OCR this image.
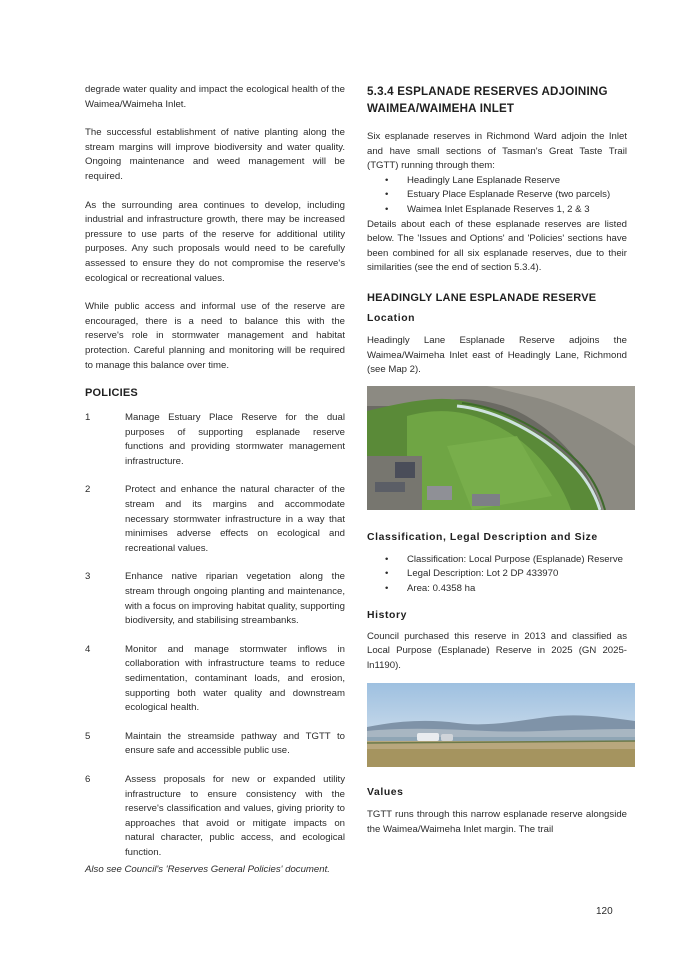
degrade water quality and impact the ecological health of the Waimea/Waimeha Inlet.

The successful establishment of native planting along the stream margins will improve biodiversity and water quality. Ongoing maintenance and weed management will be required.

As the surrounding area continues to develop, including industrial and infrastructure growth, there may be increased pressure to use parts of the reserve for additional utility purposes. Any such proposals would need to be carefully assessed to ensure they do not compromise the reserve's ecological or recreational values.

While public access and informal use of the reserve are encouraged, there is a need to balance this with the reserve's role in stormwater management and habitat protection. Careful planning and monitoring will be required to manage this balance over time.

POLICIES
1	Manage Estuary Place Reserve for the dual purposes of supporting esplanade reserve functions and providing stormwater management infrastructure.
2	Protect and enhance the natural character of the stream and its margins and accommodate necessary stormwater infrastructure in a way that minimises adverse effects on ecological and recreational values.
3	Enhance native riparian vegetation along the stream through ongoing planting and maintenance, with a focus on improving habitat quality, supporting biodiversity, and stabilising streambanks.
4	Monitor and manage stormwater inflows in collaboration with infrastructure teams to reduce sedimentation, contaminant loads, and erosion, supporting both water quality and downstream ecological health.
5	Maintain the streamside pathway and TGTT to ensure safe and accessible public use.
6	Assess proposals for new or expanded utility infrastructure to ensure consistency with the reserve's classification and values, giving priority to approaches that avoid or mitigate impacts on natural character, public access, and ecological function.
Also see Council's 'Reserves General Policies' document.
5.3.4 ESPLANADE RESERVES ADJOINING WAIMEA/WAIMEHA INLET
Six esplanade reserves in Richmond Ward adjoin the Inlet and have small sections of Tasman's Great Taste Trail (TGTT) running through them:
• Headingly Lane Esplanade Reserve
• Estuary Place Esplanade Reserve (two parcels)
• Waimea Inlet Esplanade Reserves 1, 2 & 3

Details about each of these esplanade reserves are listed below. The 'Issues and Options' and 'Policies' sections have been combined for all six esplanade reserves, due to their similarities (see the end of section 5.3.4).

HEADINGLY LANE ESPLANADE RESERVE
Location

Headingly Lane Esplanade Reserve adjoins the Waimea/Waimeha Inlet east of Headingly Lane, Richmond (see Map 2).

Classification, Legal Description and Size
• Classification: Local Purpose (Esplanade) Reserve
• Legal Description: Lot 2 DP 433970
• Area: 0.4358 ha
History

Council purchased this reserve in 2013 and classified as Local Purpose (Esplanade) Reserve in 2025 (GN 2025-ln1190).

Values
TGTT runs through this narrow esplanade reserve alongside the Waimea/Waimeha Inlet margin. The trail
120
